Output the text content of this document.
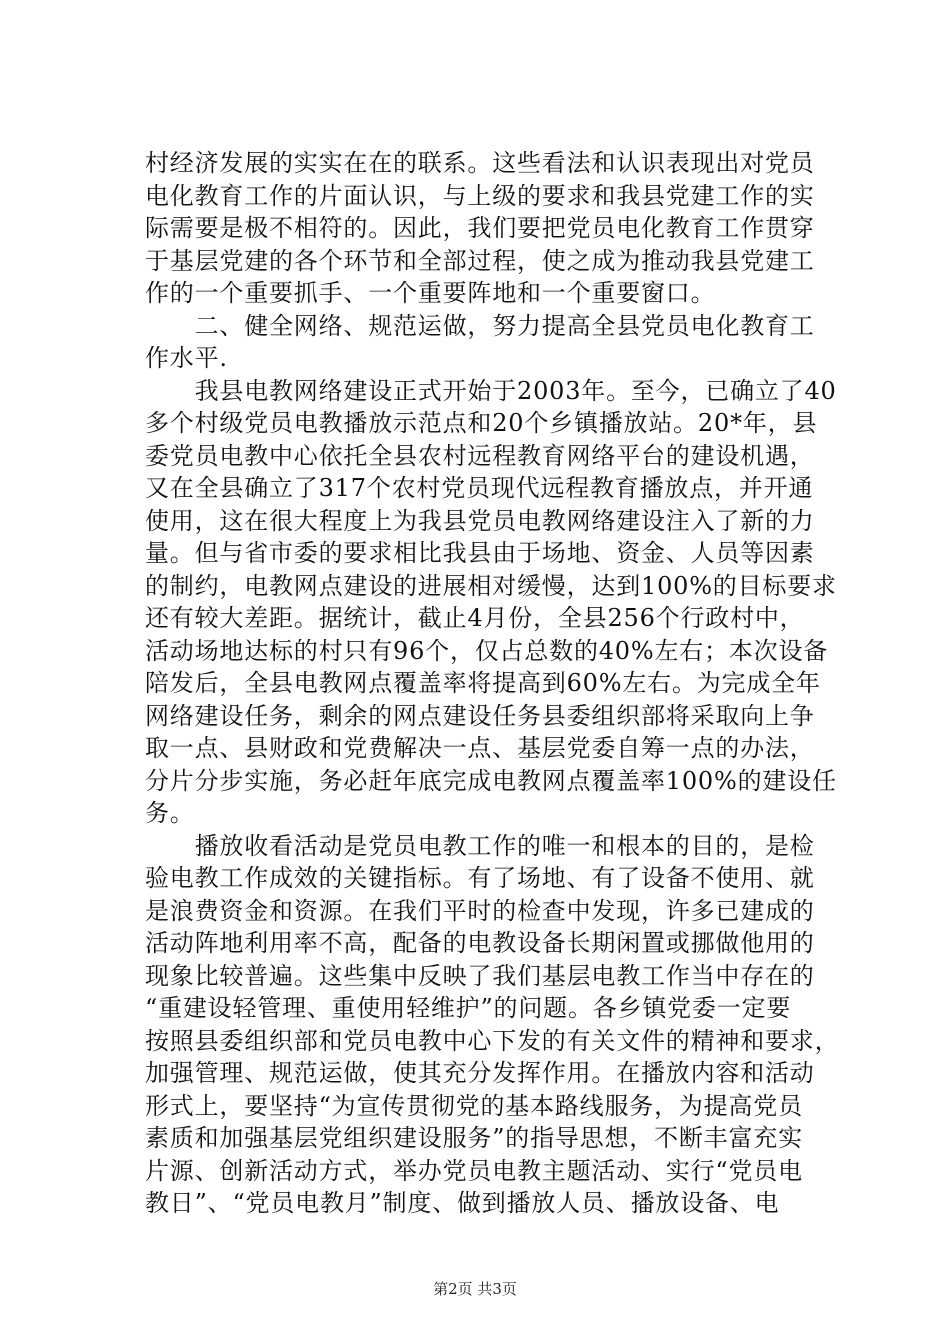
村经济发展的实实在在的联系。这些看法和认识表现出对党员
电化教育工作的片面认识，与上级的要求和我县党建工作的实
际需要是极不相符的。因此，我们要把党员电化教育工作贯穿
于基层党建的各个环节和全部过程，使之成为推动我县党建工
作的一个重要抓手、一个重要阵地和一个重要窗口。
　　二、健全网络、规范运做，努力提高全县党员电化教育工
作水平.
　　我县电教网络建设正式开始于2003年。至今，已确立了40
多个村级党员电教播放示范点和20个乡镇播放站。20*年，县
委党员电教中心依托全县农村远程教育网络平台的建设机遇，
又在全县确立了317个农村党员现代远程教育播放点，并开通
使用，这在很大程度上为我县党员电教网络建设注入了新的力
量。但与省市委的要求相比我县由于场地、资金、人员等因素
的制约，电教网点建设的进展相对缓慢，达到100%的目标要求
还有较大差距。据统计，截止4月份，全县256个行政村中，
活动场地达标的村只有96个，仅占总数的40%左右；本次设备
陪发后，全县电教网点覆盖率将提高到60%左右。为完成全年
网络建设任务，剩余的网点建设任务县委组织部将采取向上争
取一点、县财政和党费解决一点、基层党委自筹一点的办法，
分片分步实施，务必赶年底完成电教网点覆盖率100%的建设任
务。
　　播放收看活动是党员电教工作的唯一和根本的目的，是检
验电教工作成效的关键指标。有了场地、有了设备不使用、就
是浪费资金和资源。在我们平时的检查中发现，许多已建成的
活动阵地利用率不高，配备的电教设备长期闲置或挪做他用的
现象比较普遍。这些集中反映了我们基层电教工作当中存在的
“重建设轻管理、重使用轻维护”的问题。各乡镇党委一定要
按照县委组织部和党员电教中心下发的有关文件的精神和要求，
加强管理、规范运做，使其充分发挥作用。在播放内容和活动
形式上，要坚持“为宣传贯彻党的基本路线服务，为提高党员
素质和加强基层党组织建设服务”的指导思想，不断丰富充实
片源、创新活动方式，举办党员电教主题活动、实行“党员电
教日”、“党员电教月”制度、做到播放人员、播放设备、电
第2页 共3页
